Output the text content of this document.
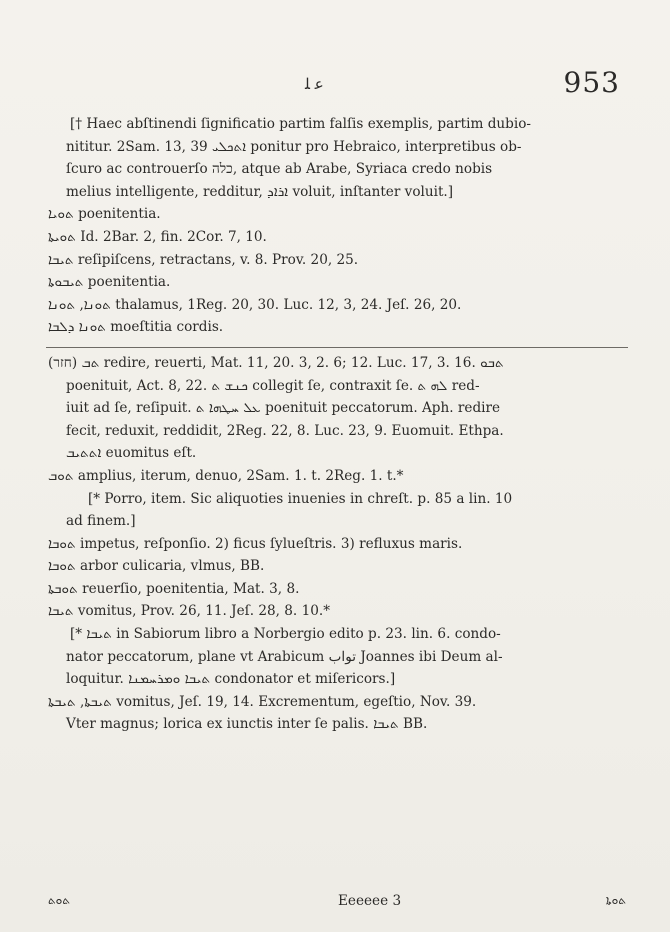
ﻋ ﻠ	953
[† Haec abſtinendi ſignificatio partim falſis exemplis, partim dubio-
nititur. 2Sam. 13, 39 ܐܬܟܠܝ ponitur pro Hebraico, interpretibus ob-
ſcuro ac controuerſo כלה, atque ab Arabe, Syriaca credo nobis
melius intelligente, redditur, ܐܪܐܕ voluit, inſtanter voluit.]
ܬܘܝܐ poenitentia.
ܬܘܝܬܐ Id. 2Bar. 2, fin. 2Cor. 7, 10.
ܬܝܒܐ reſipiſcens, retractans, v. 8. Prov. 20, 25.
ܬܝܒܘܬܐ poenitentia.
ܬܘܢܐ, ܬܘܢܐ thalamus, 1Reg. 20, 30. Luc. 12, 3, 24. Jeſ. 26, 20.
ܬܘܢܐ ܕܠܒܐ moeſtitia cordis.
(חזר) ܬܒ redire, reuerti, Mat. 11, 20. 3, 2. 6; 12. Luc. 17, 3. 16. ܬܒܘ
poenituit, Act. 8, 22. ܟܢܫ ܬ collegit ſe, contraxit ſe. ܠܗ ܬ red-
iuit ad ſe, reſipuit. ܥܠ ܚܛܗܐ ܬ poenituit peccatorum. Aph. redire
fecit, reduxit, reddidit, 2Reg. 22, 8. Luc. 23, 9. Euomuit. Ethpa.
ܐܬܬܝܒ euomitus eſt.
ܬܘܒ amplius, iterum, denuo, 2Sam. 1. t. 2Reg. 1. t.*
[* Porro, item. Sic aliquoties inuenies in chreſt. p. 85 a lin. 10
ad finem.]
ܬܘܒܐ impetus, reſponſio. 2) ficus ſylueſtris. 3) refluxus maris.
ܬܘܒܐ arbor culicaria, vlmus, BB.
ܬܘܒܬܐ reuerſio, poenitentia, Mat. 3, 8.
ܬܝܒܐ vomitus, Prov. 26, 11. Jeſ. 28, 8. 10.*
[* ܬܝܒܐ in Sabiorum libro a Norbergio edito p. 23. lin. 6. condo-
nator peccatorum, plane vt Arabicum ﺗﻮاب Joannes ibi Deum al-
loquitur. ܬܝܒܐ ܘܡܪܚܡܢܐ condonator et miſericors.]
ܬܝܒܬܐ, ܬܝܒܬܐ vomitus, Jeſ. 19, 14. Excrementum, egeſtio, Nov. 39.
Vter magnus; lorica ex iunctis inter ſe palis. ܬܝܒܐ BB.
ܬܘܬ	Eeeeee 3	ܬܘܬܐ
